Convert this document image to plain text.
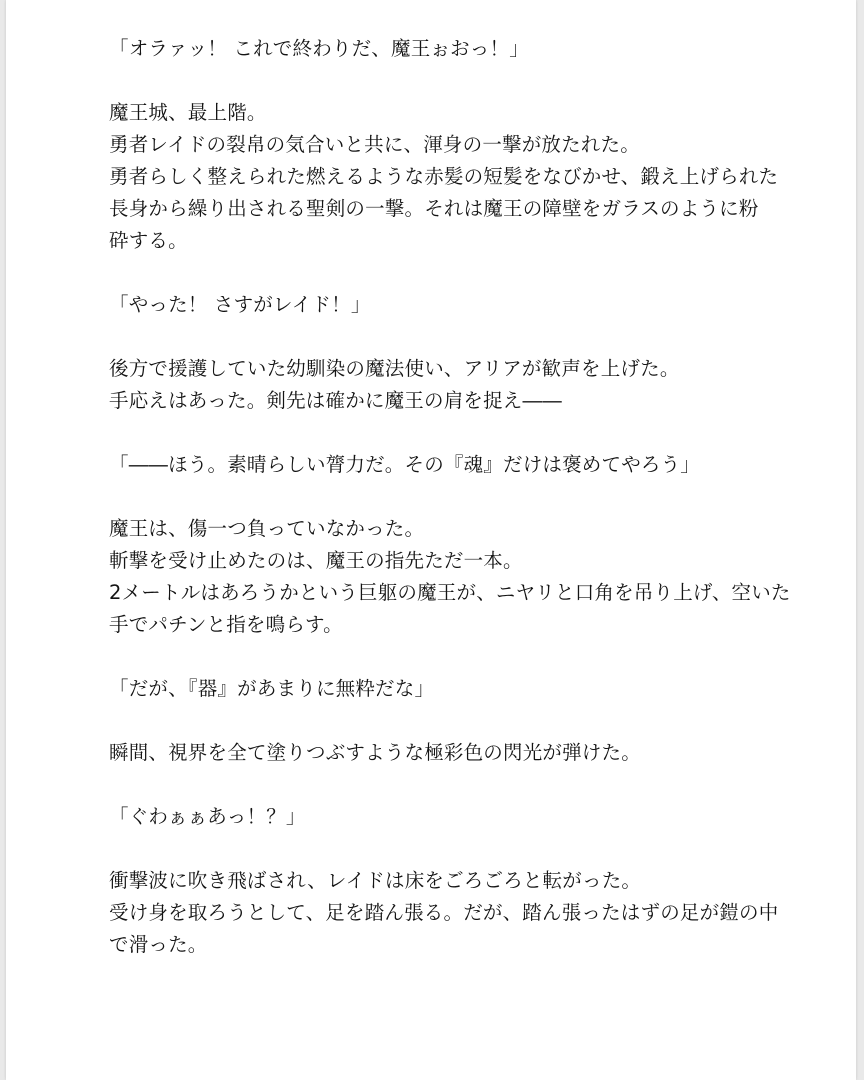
「オラァッ！ これで終わりだ、魔王ぉおっ！」
魔王城、最上階。
勇者レイドの裂帛の気合いと共に、渾身の一撃が放たれた。
勇者らしく整えられた燃えるような赤髪の短髪をなびかせ、鍛え上げられた
長身から繰り出される聖剣の一撃。それは魔王の障壁をガラスのように粉
砕する。
「やった！ さすがレイド！」
後方で援護していた幼馴染の魔法使い、アリアが歓声を上げた。
手応えはあった。剣先は確かに魔王の肩を捉え――
「――ほう。素晴らしい膂力だ。その『魂』だけは褒めてやろう」
魔王は、傷一つ負っていなかった。
斬撃を受け止めたのは、魔王の指先ただ一本。
2メートルはあろうかという巨躯の魔王が、ニヤリと口角を吊り上げ、空いた
手でパチンと指を鳴らす。
「だが、『器』があまりに無粋だな」
瞬間、視界を全て塗りつぶすような極彩色の閃光が弾けた。
「ぐわぁぁあっ！？」
衝撃波に吹き飛ばされ、レイドは床をごろごろと転がった。
受け身を取ろうとして、足を踏ん張る。だが、踏ん張ったはずの足が鎧の中
で滑った。
